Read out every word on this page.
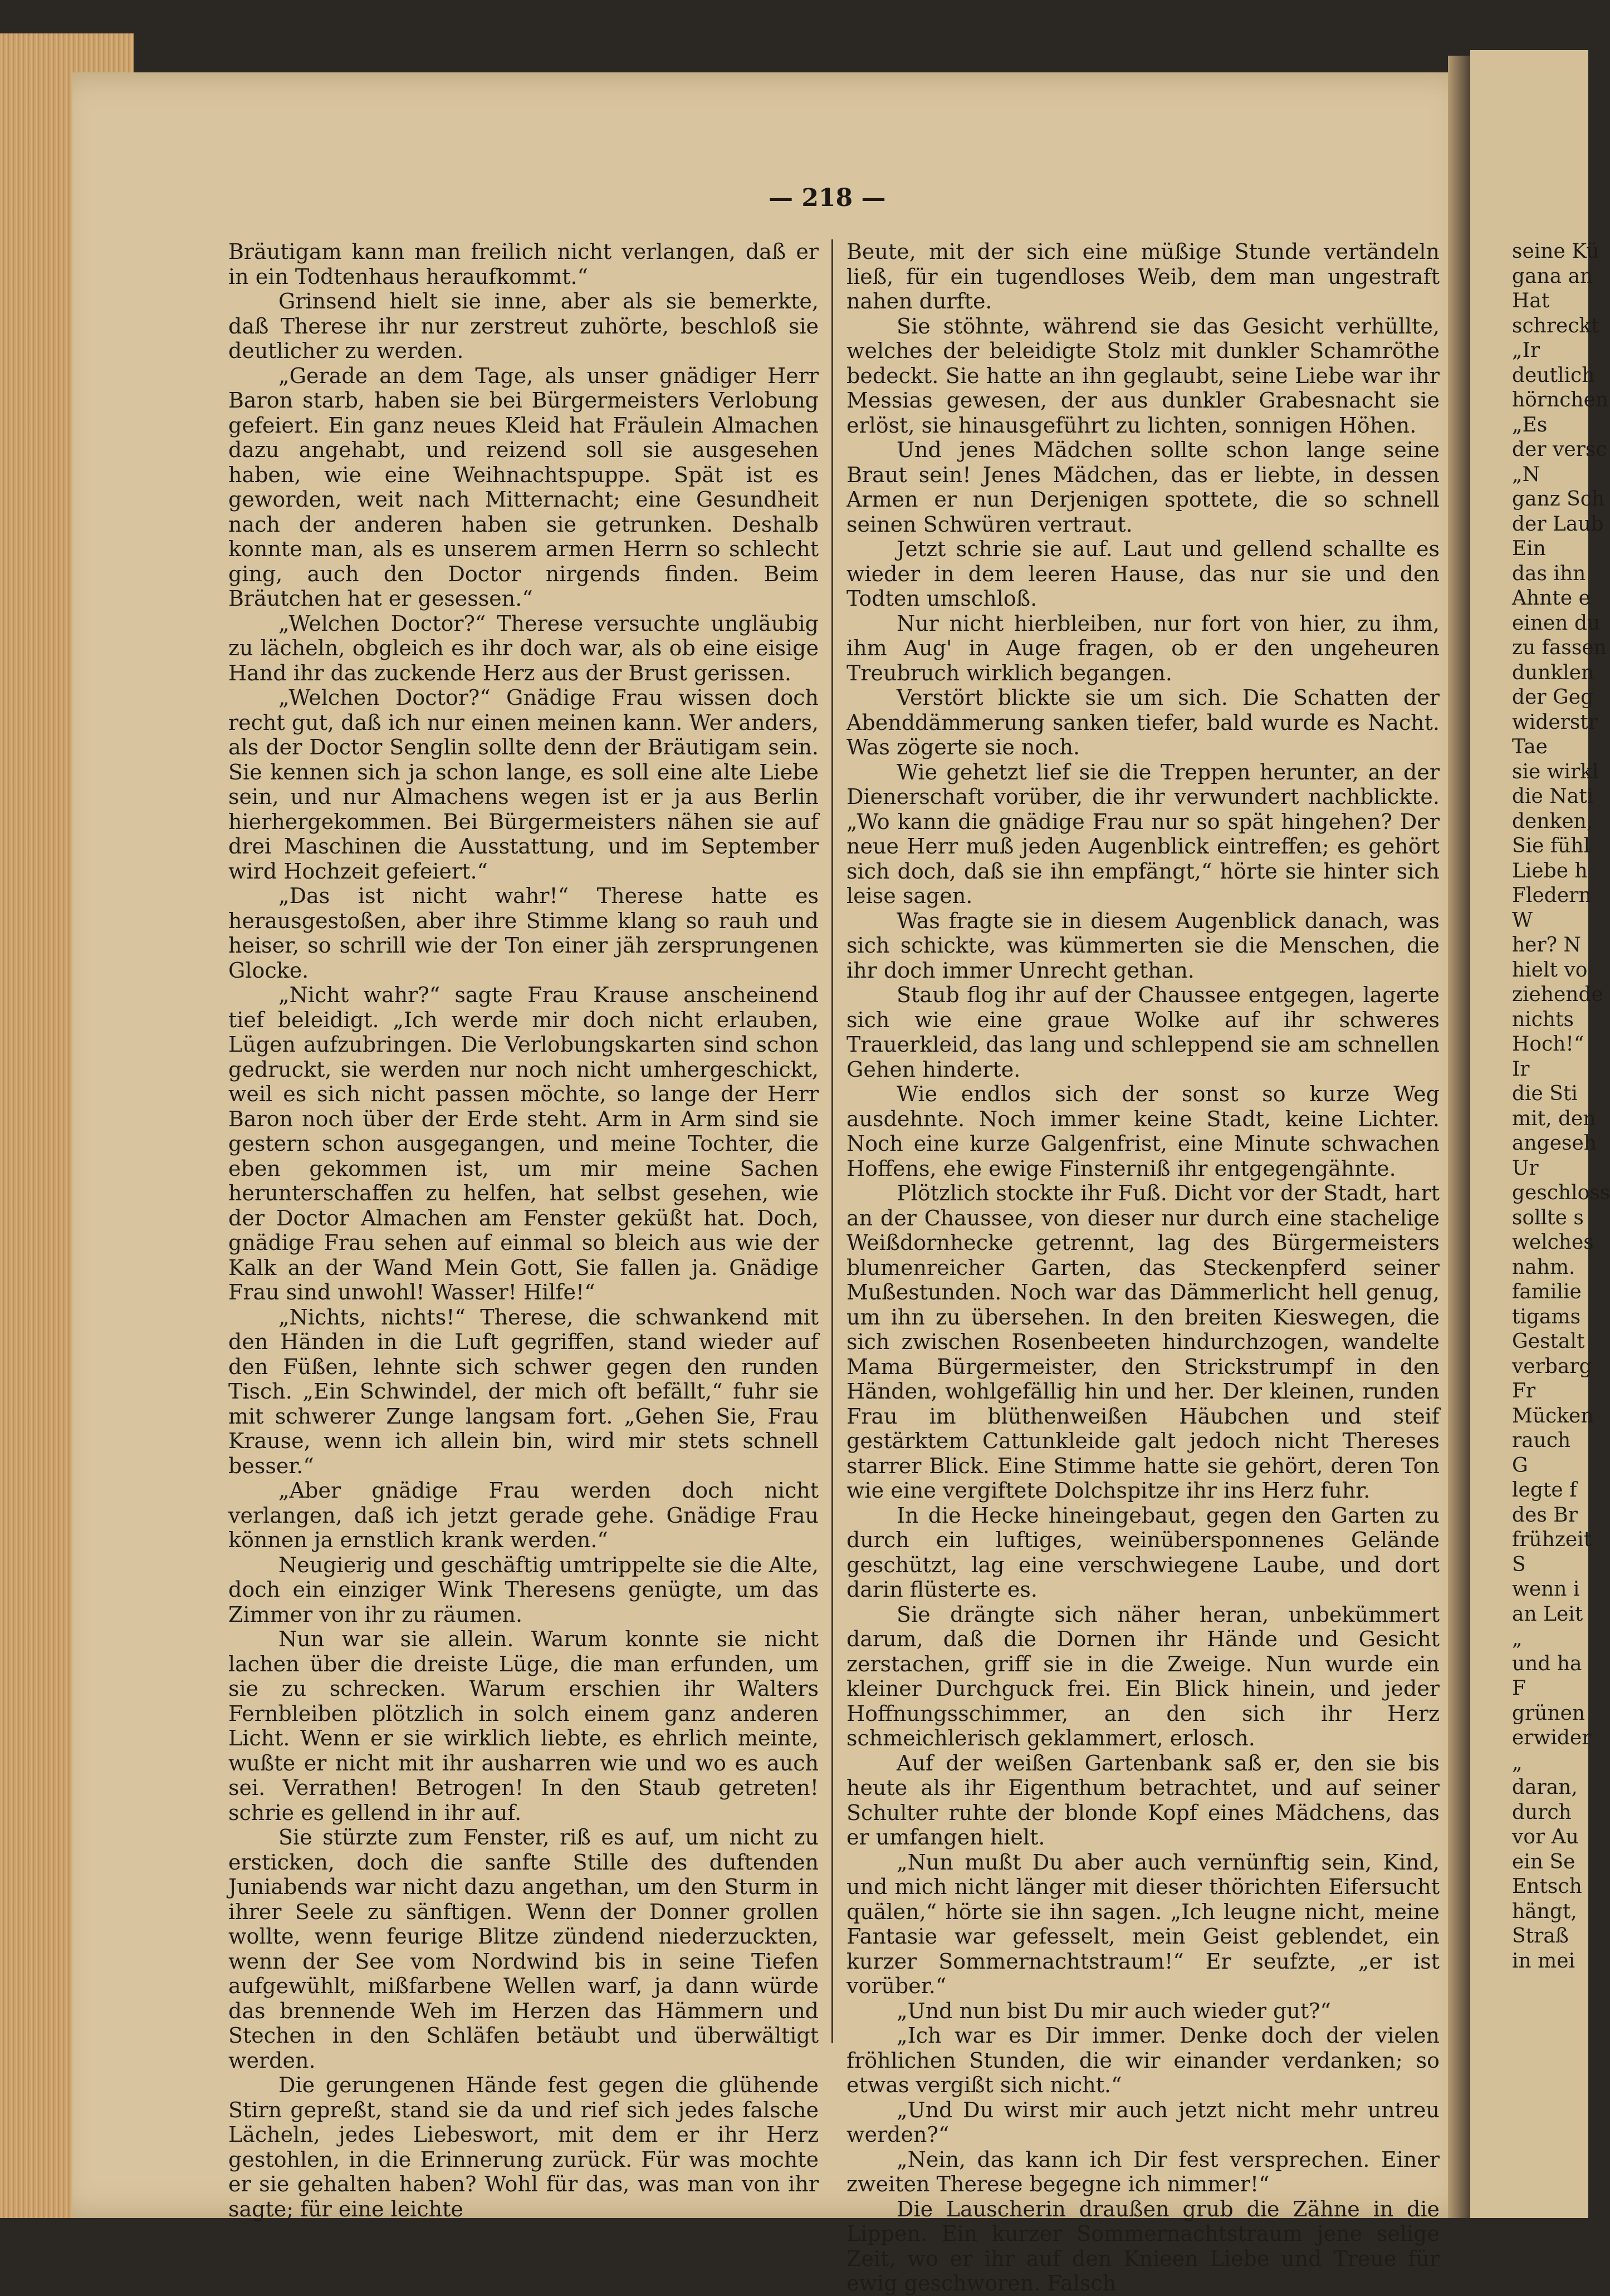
— 218 —
Bräutigam kann man freilich nicht verlangen, daß er in ein Todtenhaus heraufkommt.“
Grinsend hielt sie inne, aber als sie bemerkte, daß Therese ihr nur zerstreut zuhörte, beschloß sie deutlicher zu werden.
„Gerade an dem Tage, als unser gnädiger Herr Baron starb, haben sie bei Bürgermeisters Verlobung gefeiert. Ein ganz neues Kleid hat Fräulein Almachen dazu angehabt, und reizend soll sie ausgesehen haben, wie eine Weihnachtspuppe. Spät ist es geworden, weit nach Mitternacht; eine Gesundheit nach der anderen haben sie getrunken. Deshalb konnte man, als es unserem armen Herrn so schlecht ging, auch den Doctor nirgends finden. Beim Bräutchen hat er gesessen.“
„Welchen Doctor?“ Therese versuchte ungläubig zu lächeln, obgleich es ihr doch war, als ob eine eisige Hand ihr das zuckende Herz aus der Brust gerissen.
„Welchen Doctor?“ Gnädige Frau wissen doch recht gut, daß ich nur einen meinen kann. Wer anders, als der Doctor Senglin sollte denn der Bräutigam sein. Sie kennen sich ja schon lange, es soll eine alte Liebe sein, und nur Almachens wegen ist er ja aus Berlin hierhergekommen. Bei Bürgermeisters nähen sie auf drei Maschinen die Ausstattung, und im September wird Hochzeit gefeiert.“
„Das ist nicht wahr!“ Therese hatte es herausgestoßen, aber ihre Stimme klang so rauh und heiser, so schrill wie der Ton einer jäh zersprungenen Glocke.
„Nicht wahr?“ sagte Frau Krause anscheinend tief beleidigt. „Ich werde mir doch nicht erlauben, Lügen aufzubringen. Die Verlobungskarten sind schon gedruckt, sie werden nur noch nicht umhergeschickt, weil es sich nicht passen möchte, so lange der Herr Baron noch über der Erde steht. Arm in Arm sind sie gestern schon ausgegangen, und meine Tochter, die eben gekommen ist, um mir meine Sachen herunterschaffen zu helfen, hat selbst gesehen, wie der Doctor Almachen am Fenster geküßt hat. Doch, gnädige Frau sehen auf einmal so bleich aus wie der Kalk an der Wand Mein Gott, Sie fallen ja. Gnädige Frau sind unwohl! Wasser! Hilfe!“
„Nichts, nichts!“ Therese, die schwankend mit den Händen in die Luft gegriffen, stand wieder auf den Füßen, lehnte sich schwer gegen den runden Tisch. „Ein Schwindel, der mich oft befällt,“ fuhr sie mit schwerer Zunge langsam fort. „Gehen Sie, Frau Krause, wenn ich allein bin, wird mir stets schnell besser.“
„Aber gnädige Frau werden doch nicht verlangen, daß ich jetzt gerade gehe. Gnädige Frau können ja ernstlich krank werden.“
Neugierig und geschäftig umtrippelte sie die Alte, doch ein einziger Wink Theresens genügte, um das Zimmer von ihr zu räumen.
Nun war sie allein. Warum konnte sie nicht lachen über die dreiste Lüge, die man erfunden, um sie zu schrecken. Warum erschien ihr Walters Fernbleiben plötzlich in solch einem ganz anderen Licht. Wenn er sie wirklich liebte, es ehrlich meinte, wußte er nicht mit ihr ausharren wie und wo es auch sei. Verrathen! Betrogen! In den Staub getreten! schrie es gellend in ihr auf.
Sie stürzte zum Fenster, riß es auf, um nicht zu ersticken, doch die sanfte Stille des duftenden Juniabends war nicht dazu angethan, um den Sturm in ihrer Seele zu sänftigen. Wenn der Donner grollen wollte, wenn feurige Blitze zündend niederzuckten, wenn der See vom Nordwind bis in seine Tiefen aufgewühlt, mißfarbene Wellen warf, ja dann würde das brennende Weh im Herzen das Hämmern und Stechen in den Schläfen betäubt und überwältigt werden.
Die gerungenen Hände fest gegen die glühende Stirn gepreßt, stand sie da und rief sich jedes falsche Lächeln, jedes Liebeswort, mit dem er ihr Herz gestohlen, in die Erinnerung zurück. Für was mochte er sie gehalten haben? Wohl für das, was man von ihr sagte; für eine leichte
Beute, mit der sich eine müßige Stunde vertändeln ließ, für ein tugendloses Weib, dem man ungestraft nahen durfte.
Sie stöhnte, während sie das Gesicht verhüllte, welches der beleidigte Stolz mit dunkler Schamröthe bedeckt. Sie hatte an ihn geglaubt, seine Liebe war ihr Messias gewesen, der aus dunkler Grabesnacht sie erlöst, sie hinausgeführt zu lichten, sonnigen Höhen.
Und jenes Mädchen sollte schon lange seine Braut sein! Jenes Mädchen, das er liebte, in dessen Armen er nun Derjenigen spottete, die so schnell seinen Schwüren vertraut.
Jetzt schrie sie auf. Laut und gellend schallte es wieder in dem leeren Hause, das nur sie und den Todten umschloß.
Nur nicht hierbleiben, nur fort von hier, zu ihm, ihm Aug' in Auge fragen, ob er den ungeheuren Treubruch wirklich begangen.
Verstört blickte sie um sich. Die Schatten der Abenddämmerung sanken tiefer, bald wurde es Nacht. Was zögerte sie noch.
Wie gehetzt lief sie die Treppen herunter, an der Dienerschaft vorüber, die ihr verwundert nachblickte. „Wo kann die gnädige Frau nur so spät hingehen? Der neue Herr muß jeden Augenblick eintreffen; es gehört sich doch, daß sie ihn empfängt,“ hörte sie hinter sich leise sagen.
Was fragte sie in diesem Augenblick danach, was sich schickte, was kümmerten sie die Menschen, die ihr doch immer Unrecht gethan.
Staub flog ihr auf der Chaussee entgegen, lagerte sich wie eine graue Wolke auf ihr schweres Trauerkleid, das lang und schleppend sie am schnellen Gehen hinderte.
Wie endlos sich der sonst so kurze Weg ausdehnte. Noch immer keine Stadt, keine Lichter. Noch eine kurze Galgenfrist, eine Minute schwachen Hoffens, ehe ewige Finsterniß ihr entgegengähnte.
Plötzlich stockte ihr Fuß. Dicht vor der Stadt, hart an der Chaussee, von dieser nur durch eine stachelige Weißdornhecke getrennt, lag des Bürgermeisters blumenreicher Garten, das Steckenpferd seiner Mußestunden. Noch war das Dämmerlicht hell genug, um ihn zu übersehen. In den breiten Kieswegen, die sich zwischen Rosenbeeten hindurchzogen, wandelte Mama Bürgermeister, den Strickstrumpf in den Händen, wohlgefällig hin und her. Der kleinen, runden Frau im blüthenweißen Häubchen und steif gestärktem Cattunkleide galt jedoch nicht Thereses starrer Blick. Eine Stimme hatte sie gehört, deren Ton wie eine vergiftete Dolchspitze ihr ins Herz fuhr.
In die Hecke hineingebaut, gegen den Garten zu durch ein luftiges, weinübersponnenes Gelände geschützt, lag eine verschwiegene Laube, und dort darin flüsterte es.
Sie drängte sich näher heran, unbekümmert darum, daß die Dornen ihr Hände und Gesicht zerstachen, griff sie in die Zweige. Nun wurde ein kleiner Durchguck frei. Ein Blick hinein, und jeder Hoffnungsschimmer, an den sich ihr Herz schmeichlerisch geklammert, erlosch.
Auf der weißen Gartenbank saß er, den sie bis heute als ihr Eigenthum betrachtet, und auf seiner Schulter ruhte der blonde Kopf eines Mädchens, das er umfangen hielt.
„Nun mußt Du aber auch vernünftig sein, Kind, und mich nicht länger mit dieser thörichten Eifersucht quälen,“ hörte sie ihn sagen. „Ich leugne nicht, meine Fantasie war gefesselt, mein Geist geblendet, ein kurzer Sommernachtstraum!“ Er seufzte, „er ist vorüber.“
„Und nun bist Du mir auch wieder gut?“
„Ich war es Dir immer. Denke doch der vielen fröhlichen Stunden, die wir einander verdanken; so etwas vergißt sich nicht.“
„Und Du wirst mir auch jetzt nicht mehr untreu werden?“
„Nein, das kann ich Dir fest versprechen. Einer zweiten Therese begegne ich nimmer!“
Die Lauscherin draußen grub die Zähne in die Lippen. Ein kurzer Sommernachtstraum jene selige Zeit, wo er ihr auf den Knieen Liebe und Treue für ewig geschworen. Falsch
seine Kü
gana an
Hat
schreckt
„Ir
deutlich
hörnchen
„Es
der versc
„N
ganz Sch
der Laub
Ein
das ihn
Ahnte e
einen du
zu fassen
dunklen
der Geg
widerstr
Tae
sie wirkl
die Nati
denken,
Sie fühl
Liebe h
Fledern
W
her? N
hielt vo
ziehende
nichts
Hoch!“
Ir
die Sti
mit, den
angeseh
Ur
geschloss
sollte s
welches
nahm.
familie
tigams
Gestalt
verbarg
Fr
Mücken
rauch
G
legte f
des Br
frühzeit
S
wenn i
an Leit
„
und ha
F
grünen
erwider
„
daran,
durch
vor Au
ein Se
Entsch
hängt,
Straß
in mei
